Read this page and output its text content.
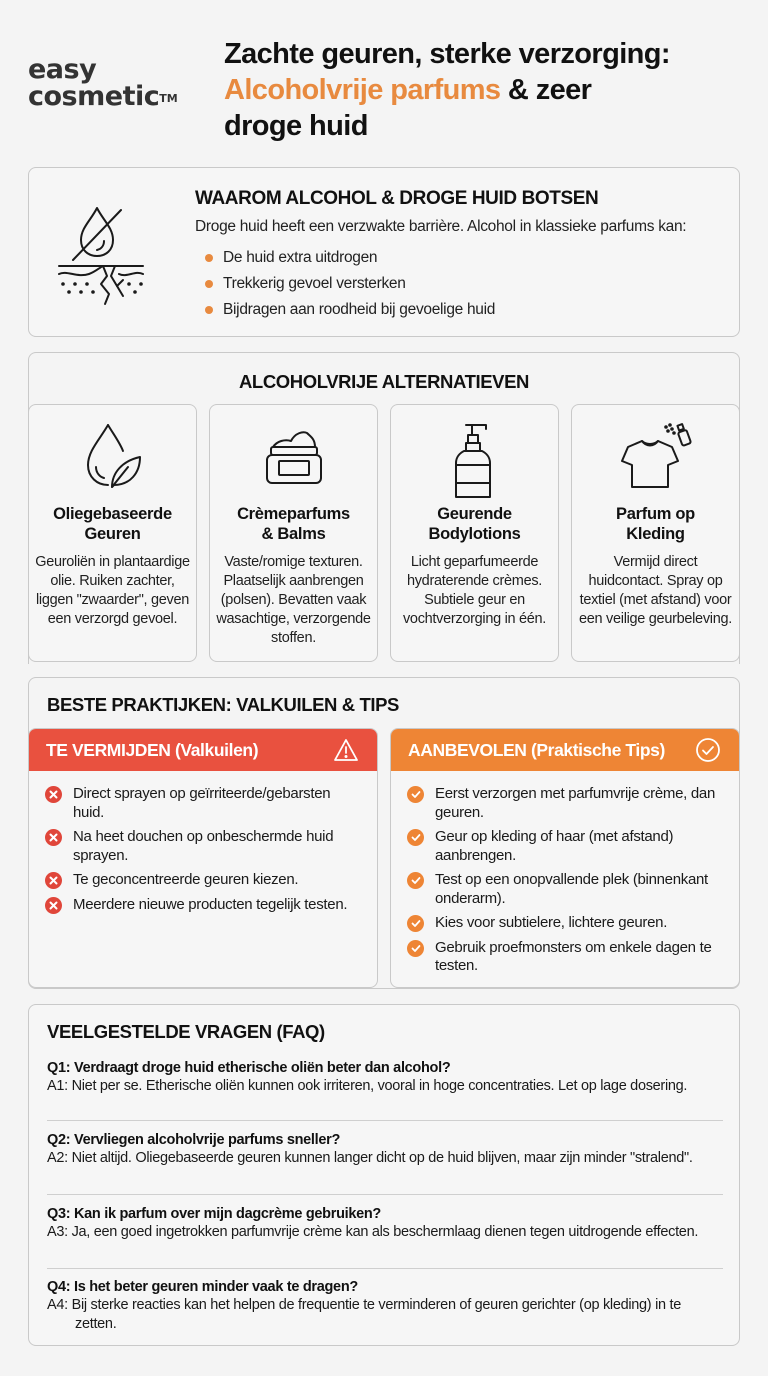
easy
cosmetic™
Zachte geuren, sterke verzorging:
Alcoholvrije parfums & zeer
droge huid
WAAROM ALCOHOL & DROGE HUID BOTSEN

Droge huid heeft een verzwakte barrière. Alcohol in klassieke parfums kan:

De huid extra uitdrogen
Trekkerig gevoel versterken
Bijdragen aan roodheid bij gevoelige huid
ALCOHOLVRIJE ALTERNATIEVEN
Oliegebaseerde
Geuren

Geuroliën in plantaardige olie. Ruiken zachter, liggen "zwaarder", geven een verzorgd gevoel.

Crèmeparfums
& Balms

Vaste/romige texturen. Plaatselijk aanbrengen (polsen). Bevatten vaak wasachtige, verzorgende stoffen.

Geurende
Bodylotions

Licht geparfumeerde hydraterende crèmes. Subtiele geur en vochtverzorging in één.

Parfum op
Kleding

Vermijd direct huidcontact. Spray op textiel (met afstand) voor een veilige geurbeleving.

BESTE PRAKTIJKEN: VALKUILEN & TIPS
TE VERMIJDEN (Valkuilen)
Direct sprayen op geïrriteerde/gebarsten huid.
Na heet douchen op onbeschermde huid sprayen.
Te geconcentreerde geuren kiezen.
Meerdere nieuwe producten tegelijk testen.
AANBEVOLEN (Praktische Tips)
Eerst verzorgen met parfumvrije crème, dan geuren.
Geur op kleding of haar (met afstand) aanbrengen.
Test op een onopvallende plek (binnenkant onderarm).
Kies voor subtielere, lichtere geuren.
Gebruik proefmonsters om enkele dagen te testen.
VEELGESTELDE VRAGEN (FAQ)
Q1: Verdraagt droge huid etherische oliën beter dan alcohol?
A1: Niet per se. Etherische oliën kunnen ook irriteren, vooral in hoge concentraties. Let op lage dosering.
Q2: Vervliegen alcoholvrije parfums sneller?
A2: Niet altijd. Oliegebaseerde geuren kunnen langer dicht op de huid blijven, maar zijn minder "stralend".
Q3: Kan ik parfum over mijn dagcrème gebruiken?
A3: Ja, een goed ingetrokken parfumvrije crème kan als beschermlaag dienen tegen uitdrogende effecten.
Q4: Is het beter geuren minder vaak te dragen?
A4: Bij sterke reacties kan het helpen de frequentie te verminderen of geuren gerichter (op kleding) in te zetten.
